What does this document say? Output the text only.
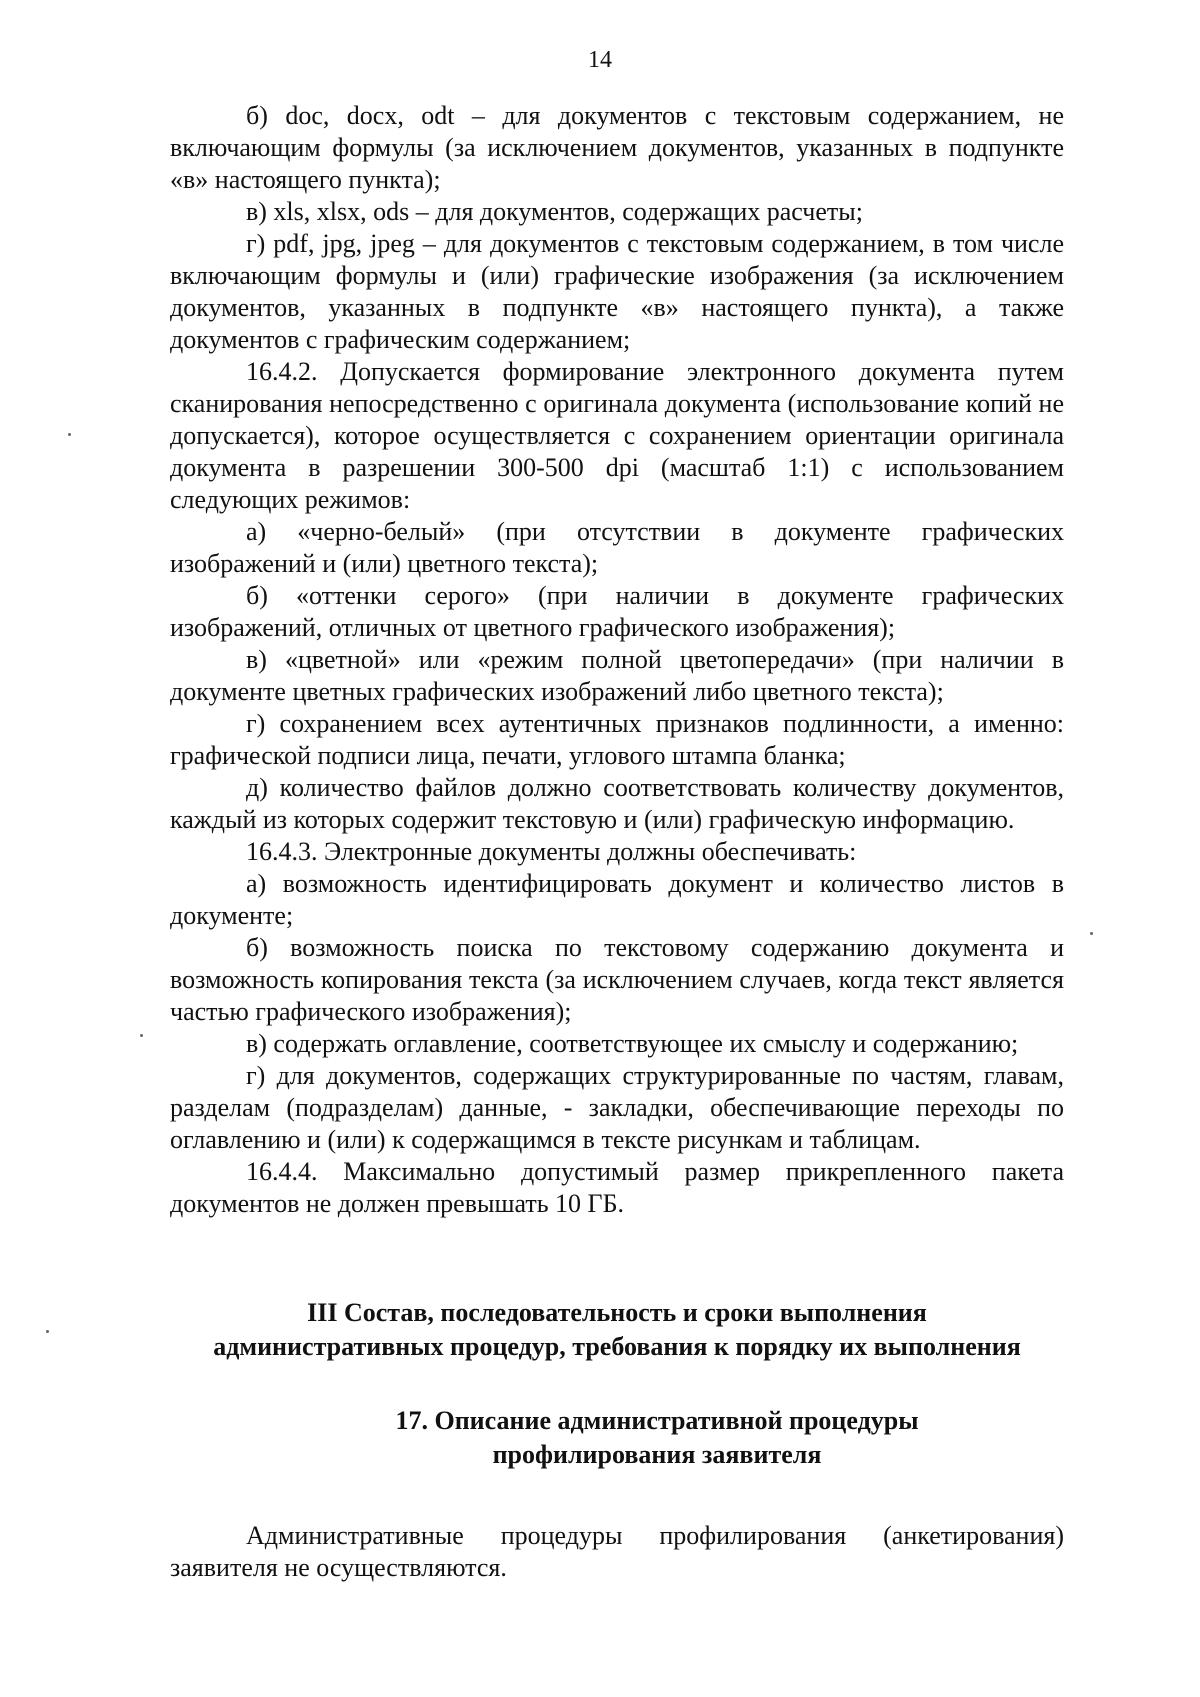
14

б) doc, docx, odt – для документов с текстовым содержанием, не включающим формулы (за исключением документов, указанных в подпункте «в» настоящего пункта);

в) xls, xlsx, ods – для документов, содержащих расчеты;

г) pdf, jpg, jpeg – для документов с текстовым содержанием, в том числе включающим формулы и (или) графические изображения (за исключением документов, указанных в подпункте «в» настоящего пункта), а также документов с графическим содержанием;

16.4.2. Допускается формирование электронного документа путем сканирования непосредственно с оригинала документа (использование копий не допускается), которое осуществляется с сохранением ориентации оригинала документа в разрешении 300-500 dpi (масштаб 1:1) с использованием следующих режимов:

а) «черно-белый» (при отсутствии в документе графических изображений и (или) цветного текста);

б) «оттенки серого» (при наличии в документе графических изображений, отличных от цветного графического изображения);

в) «цветной» или «режим полной цветопередачи» (при наличии в документе цветных графических изображений либо цветного текста);

г) сохранением всех аутентичных признаков подлинности, а именно: графической подписи лица, печати, углового штампа бланка;

д) количество файлов должно соответствовать количеству документов, каждый из которых содержит текстовую и (или) графическую информацию.

16.4.3. Электронные документы должны обеспечивать:

а) возможность идентифицировать документ и количество листов в документе;

б) возможность поиска по текстовому содержанию документа и возможность копирования текста (за исключением случаев, когда текст является частью графического изображения);

в) содержать оглавление, соответствующее их смыслу и содержанию;

г) для документов, содержащих структурированные по частям, главам, разделам (подразделам) данные, - закладки, обеспечивающие переходы по оглавлению и (или) к содержащимся в тексте рисункам и таблицам.

16.4.4. Максимально допустимый размер прикрепленного пакета документов не должен превышать 10 ГБ.

III Состав, последовательность и сроки выполнения
административных процедур, требования к порядку их выполнения
17. Описание административной процедуры
профилирования заявителя

Административные процедуры профилирования (анкетирования) заявителя не осуществляются.
